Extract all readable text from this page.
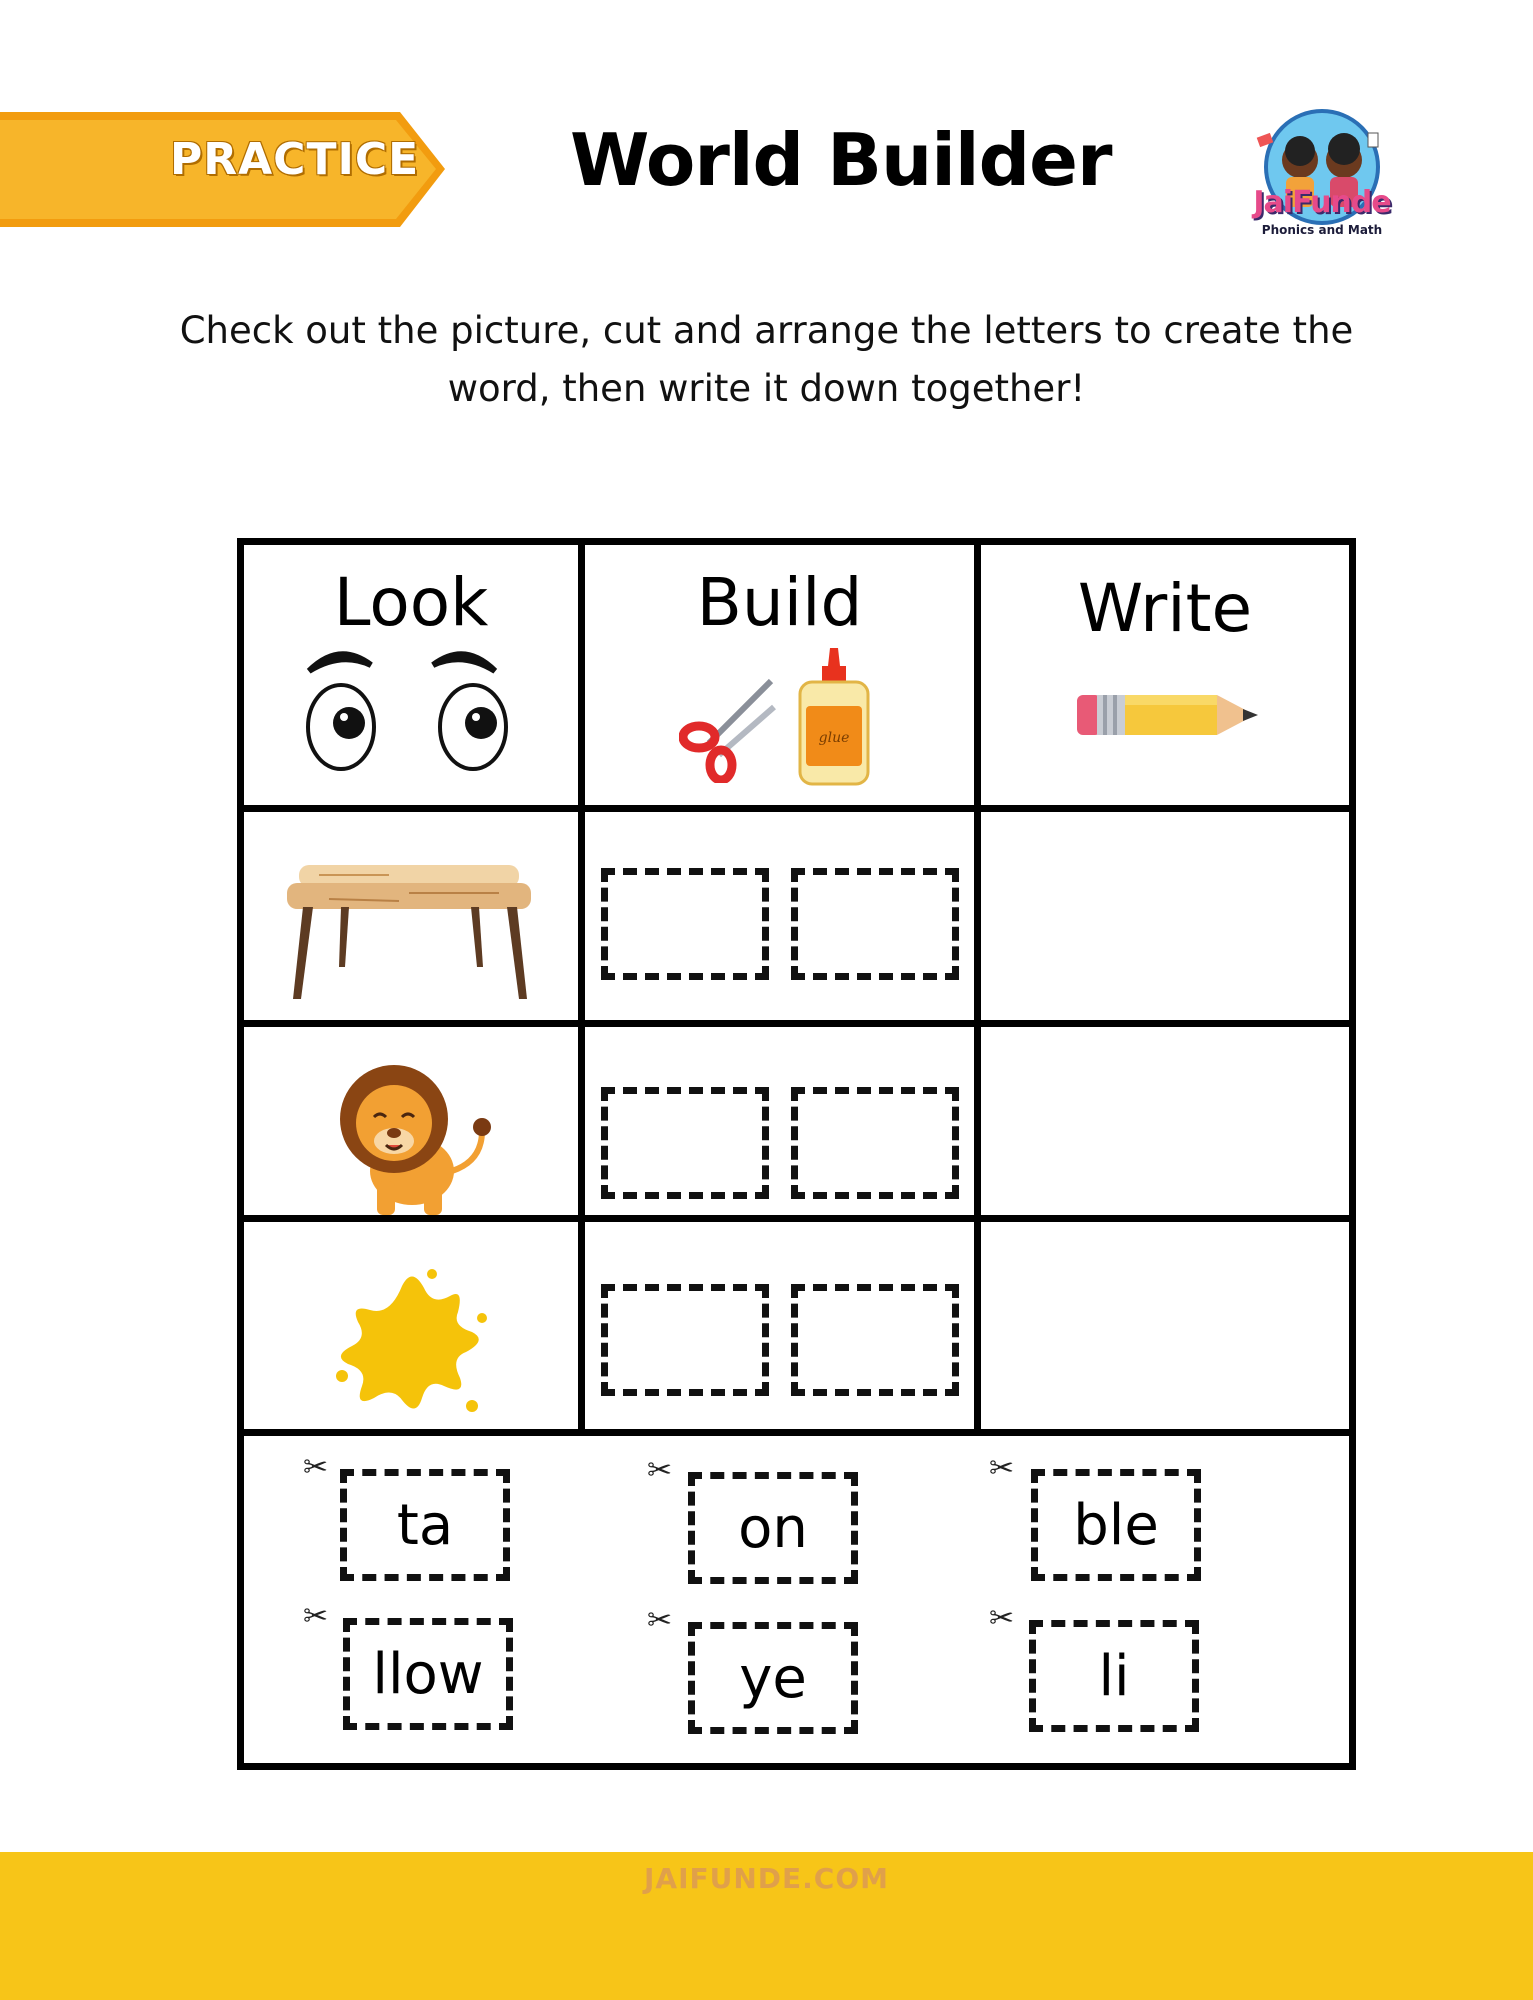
PRACTICE World Builder
JaiFunde
Phonics and Math
Check out the picture, cut and arrange the letters to create the word, then write it down together!
Look	Build	Write
glue
✂
ta
✂
on
✂
ble
✂
llow
✂
ye
✂
li
JAIFUNDE.COM
